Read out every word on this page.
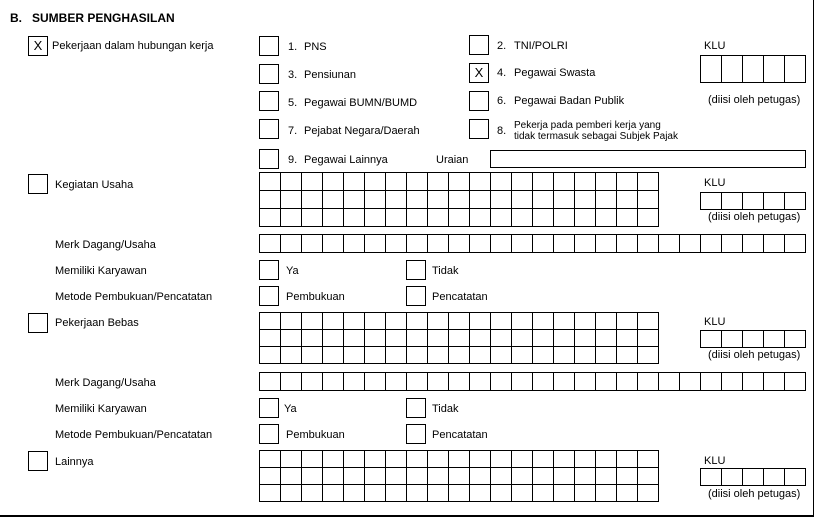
B. SUMBER PENGHASILAN
X Pekerjaan dalam hubungan kerja	1. PNS	2. TNI/POLRI
3. Pensiunan	X	4. Pegawai Swasta
5. Pegawai BUMN/BUMD	6. Pegawai Badan Publik
7. Pejabat Negara/Daerah	8. Pekerja pada pemberi kerja yang tidak termasuk sebagai Subjek Pajak
9. Pegawai Lainnya	Uraian
KLU
(diisi oleh petugas)
Kegiatan Usaha	KLU
(diisi oleh petugas)
Merk Dagang/Usaha
Memiliki Karyawan	Ya	Tidak
Metode Pembukuan/Pencatatan	Pembukuan	Pencatatan
Pekerjaan Bebas	KLU
(diisi oleh petugas)
Merk Dagang/Usaha
Memiliki Karyawan	Ya	Tidak
Metode Pembukuan/Pencatatan	Pembukuan	Pencatatan
Lainnya	KLU
(diisi oleh petugas)
